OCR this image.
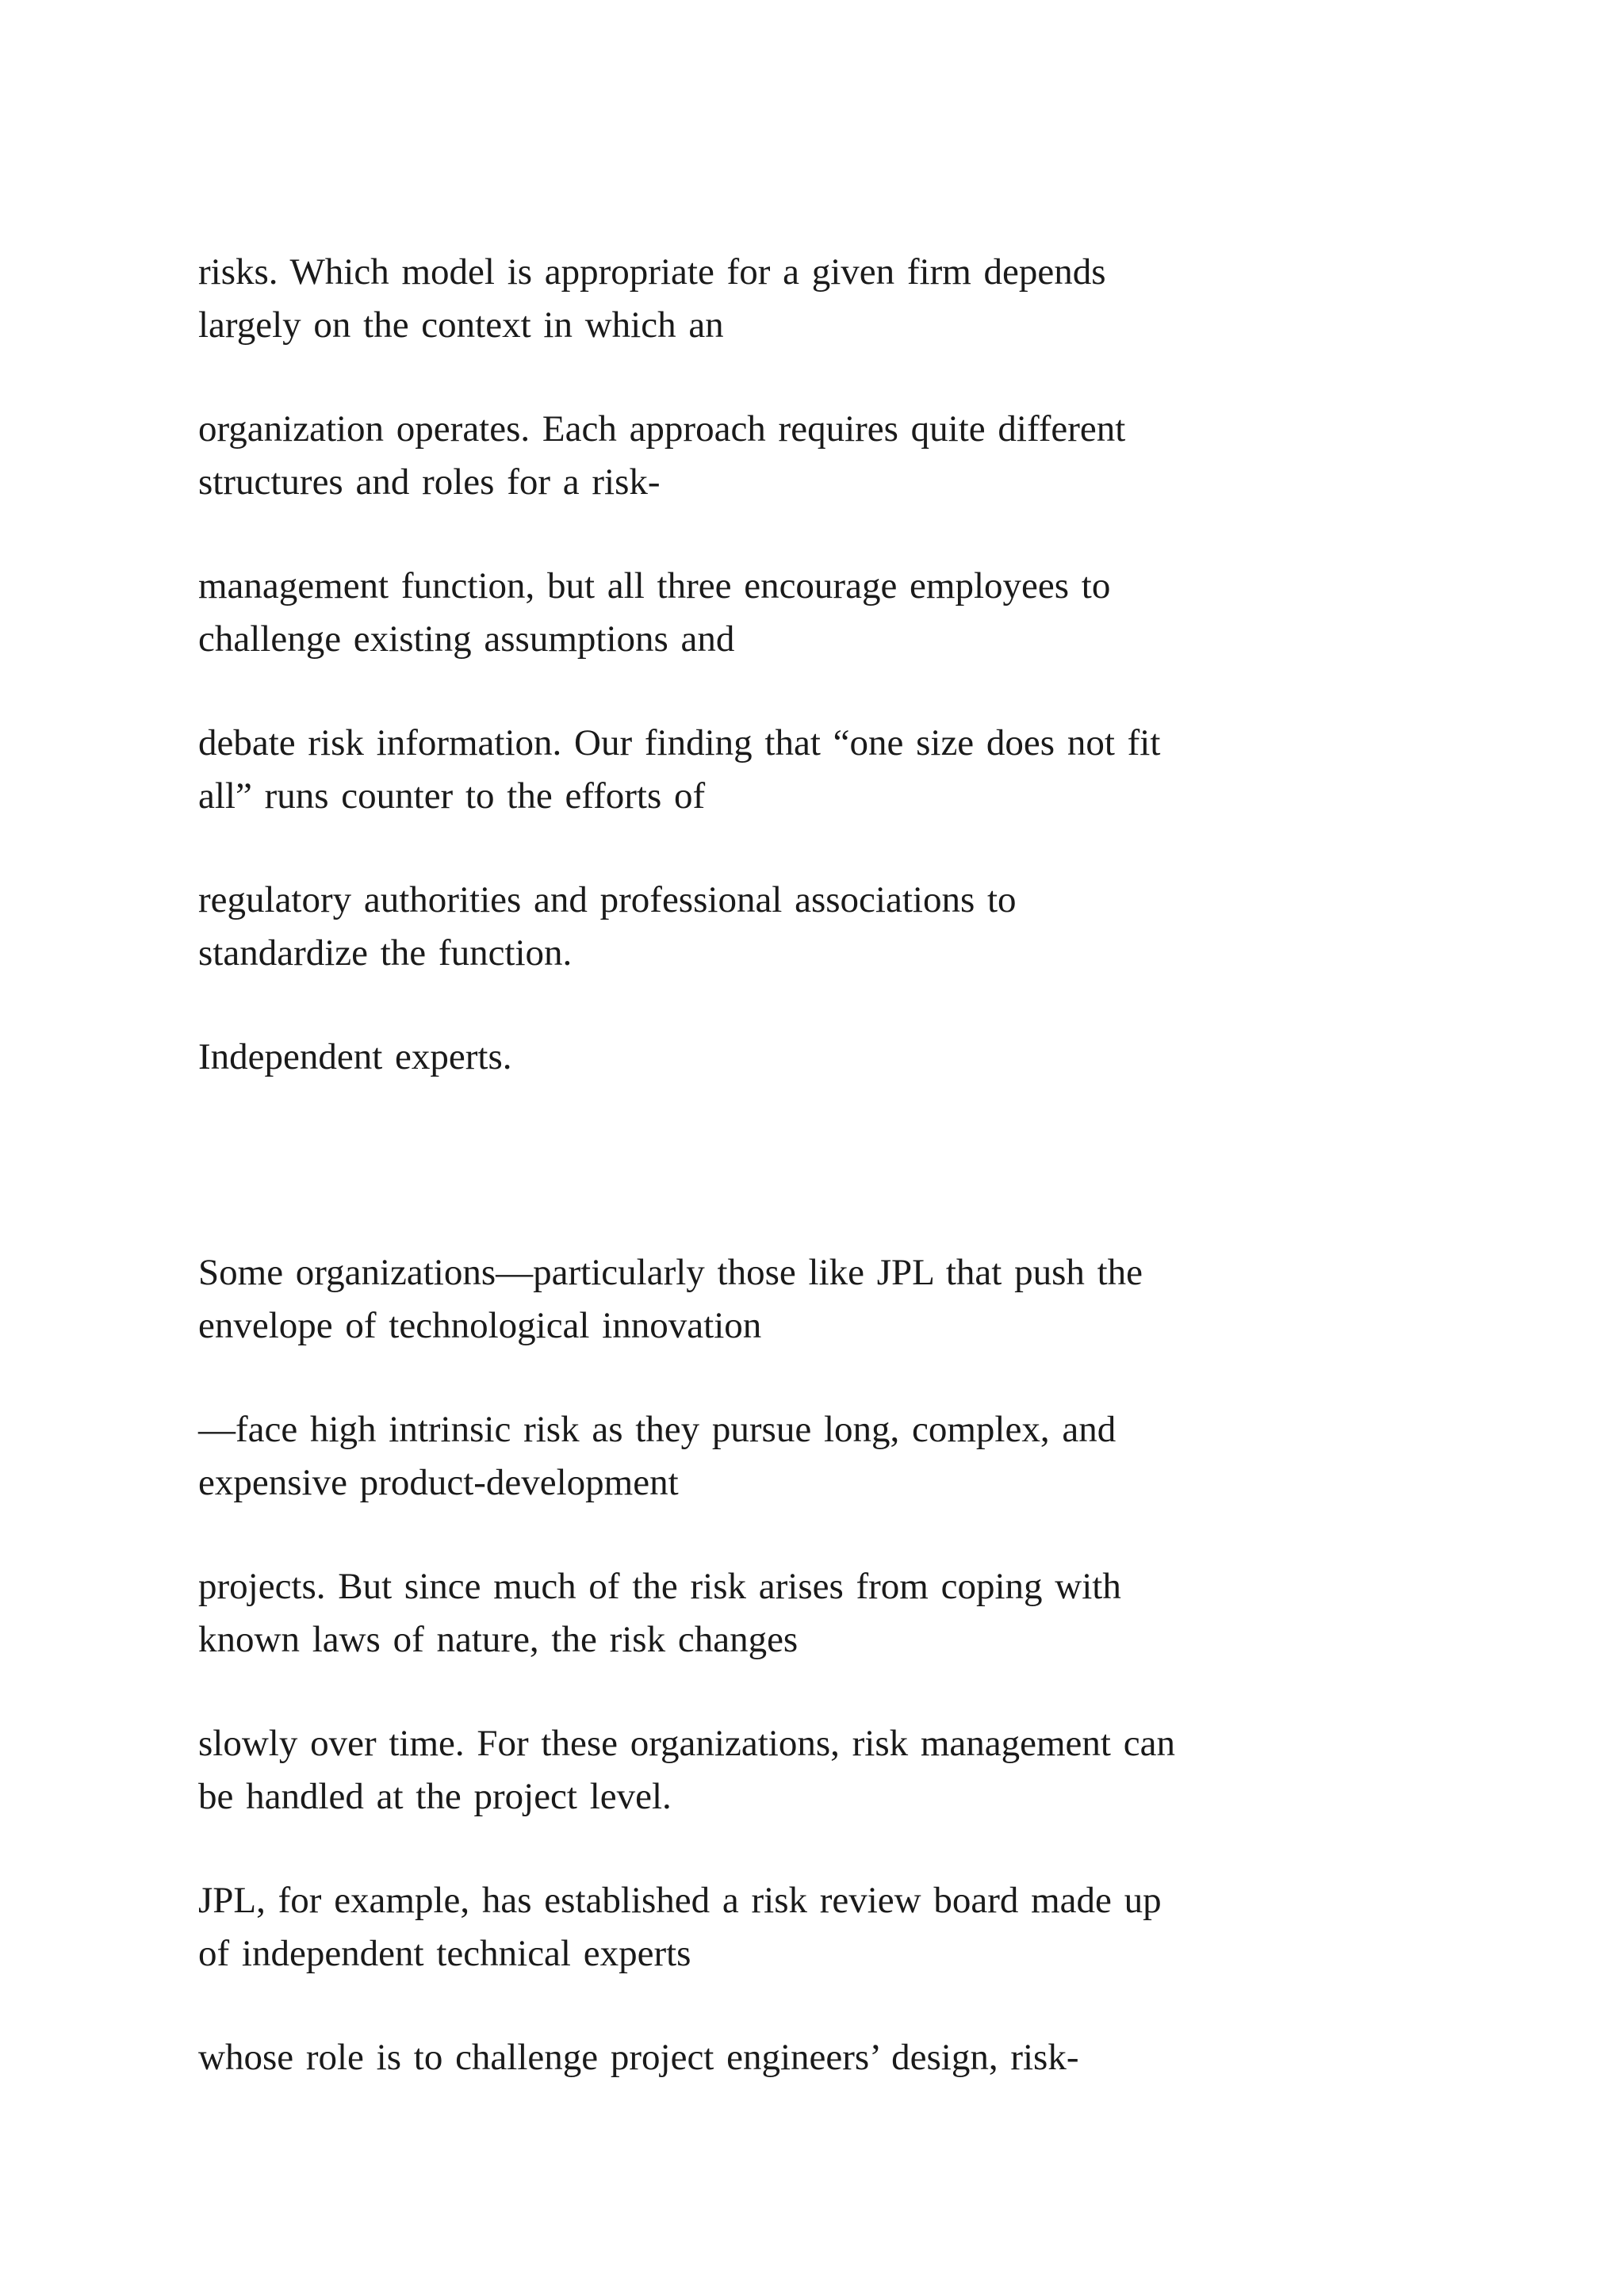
risks. Which model is appropriate for a given firm depends
largely on the context in which an

organization operates. Each approach requires quite different
structures and roles for a risk-

management function, but all three encourage employees to
challenge existing assumptions and

debate risk information. Our finding that “one size does not fit
all” runs counter to the efforts of

regulatory authorities and professional associations to
standardize the function.

Independent experts.

Some organizations—particularly those like JPL that push the
envelope of technological innovation

—face high intrinsic risk as they pursue long, complex, and
expensive product-development

projects. But since much of the risk arises from coping with
known laws of nature, the risk changes

slowly over time. For these organizations, risk management can
be handled at the project level.

JPL, for example, has established a risk review board made up
of independent technical experts

whose role is to challenge project engineers’ design, risk-
